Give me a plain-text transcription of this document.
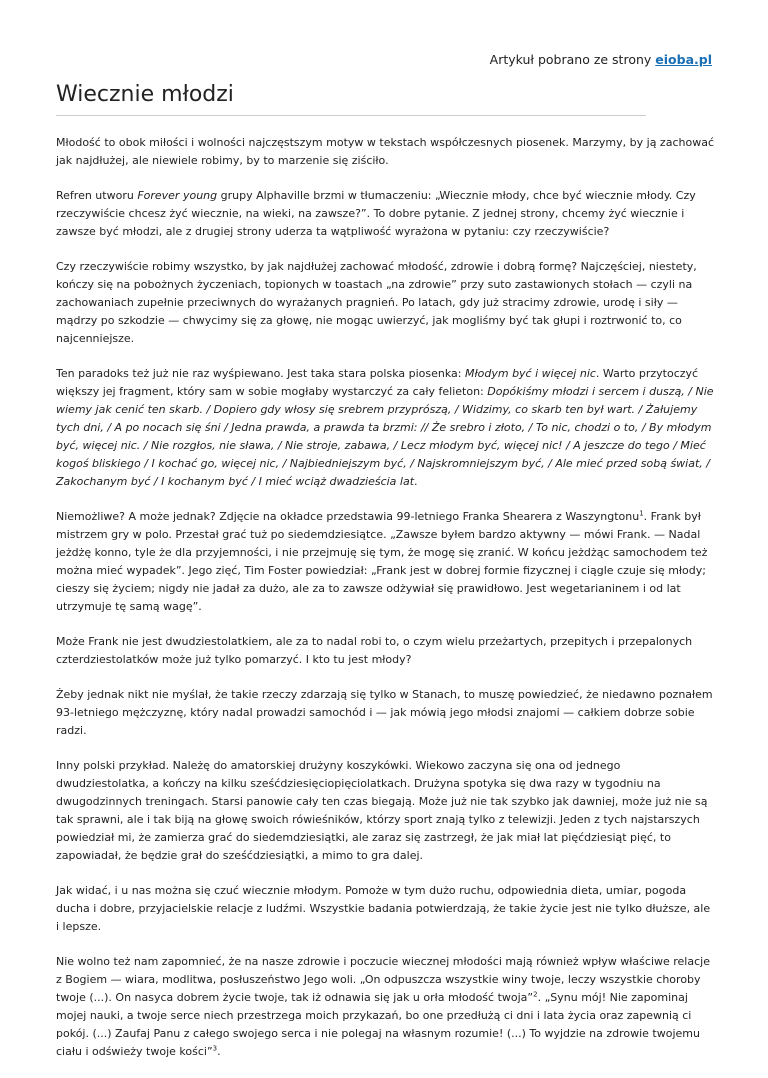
Artykuł pobrano ze strony eioba.pl
Wiecznie młodzi

Młodość to obok miłości i wolności najczęstszym motyw w tekstach współczesnych piosenek. Marzymy, by ją zachować jak najdłużej, ale niewiele robimy, by to marzenie się ziściło.

Refren utworu Forever young grupy Alphaville brzmi w tłumaczeniu: „Wiecznie młody, chce być wiecznie młody. Czy rzeczywiście chcesz żyć wiecznie, na wieki, na zawsze?”. To dobre pytanie. Z jednej strony, chcemy żyć wiecznie i zawsze być młodzi, ale z drugiej strony uderza ta wątpliwość wyrażona w pytaniu: czy rzeczywiście?

Czy rzeczywiście robimy wszystko, by jak najdłużej zachować młodość, zdrowie i dobrą formę? Najczęściej, niestety, kończy się na pobożnych życzeniach, topionych w toastach „na zdrowie” przy suto zastawionych stołach — czyli na zachowaniach zupełnie przeciwnych do wyrażanych pragnień. Po latach, gdy już stracimy zdrowie, urodę i siły — mądrzy po szkodzie — chwycimy się za głowę, nie mogąc uwierzyć, jak mogliśmy być tak głupi i roztrwonić to, co najcenniejsze.

Ten paradoks też już nie raz wyśpiewano. Jest taka stara polska piosenka: Młodym być i więcej nic. Warto przytoczyć większy jej fragment, który sam w sobie mogłaby wystarczyć za cały felieton: Dopókiśmy młodzi i sercem i duszą, / Nie wiemy jak cenić ten skarb. / Dopiero gdy włosy się srebrem przyprószą, / Widzimy, co skarb ten był wart. / Żałujemy tych dni, / A po nocach się śni / Jedna prawda, a prawda ta brzmi: // Że srebro i złoto, / To nic, chodzi o to, / By młodym być, więcej nic. / Nie rozgłos, nie sława, / Nie stroje, zabawa, / Lecz młodym być, więcej nic! / A jeszcze do tego / Mieć kogoś bliskiego / I kochać go, więcej nic, / Najbiedniejszym być, / Najskromniejszym być, / Ale mieć przed sobą świat, / Zakochanym być / I kochanym być / I mieć wciąż dwadzieścia lat.

Niemożliwe? A może jednak? Zdjęcie na okładce przedstawia 99-letniego Franka Shearera z Waszyngtonu$^1$. Frank był mistrzem gry w polo. Przestał grać tuż po siedemdziesiątce. „Zawsze byłem bardzo aktywny — mówi Frank. — Nadal jeżdżę konno, tyle że dla przyjemności, i nie przejmuję się tym, że mogę się zranić. W końcu jeżdżąc samochodem też można mieć wypadek”. Jego zięć, Tim Foster powiedział: „Frank jest w dobrej formie fizycznej i ciągle czuje się młody; cieszy się życiem; nigdy nie jadał za dużo, ale za to zawsze odżywiał się prawidłowo. Jest wegetarianinem i od lat utrzymuje tę samą wagę”.

Może Frank nie jest dwudziestolatkiem, ale za to nadal robi to, o czym wielu przeżartych, przepitych i przepalonych czterdziestolatków może już tylko pomarzyć. I kto tu jest młody?

Żeby jednak nikt nie myślał, że takie rzeczy zdarzają się tylko w Stanach, to muszę powiedzieć, że niedawno poznałem 93-letniego mężczyznę, który nadal prowadzi samochód i — jak mówią jego młodsi znajomi — całkiem dobrze sobie radzi.

Inny polski przykład. Należę do amatorskiej drużyny koszykówki. Wiekowo zaczyna się ona od jednego dwudziestolatka, a kończy na kilku sześćdziesięciopięciolatkach. Drużyna spotyka się dwa razy w tygodniu na dwugodzinnych treningach. Starsi panowie cały ten czas biegają. Może już nie tak szybko jak dawniej, może już nie są tak sprawni, ale i tak biją na głowę swoich rówieśników, którzy sport znają tylko z telewizji. Jeden z tych najstarszych powiedział mi, że zamierza grać do siedemdziesiątki, ale zaraz się zastrzegł, że jak miał lat pięćdziesiąt pięć, to zapowiadał, że będzie grał do sześćdziesiątki, a mimo to gra dalej.

Jak widać, i u nas można się czuć wiecznie młodym. Pomoże w tym dużo ruchu, odpowiednia dieta, umiar, pogoda ducha i dobre, przyjacielskie relacje z ludźmi. Wszystkie badania potwierdzają, że takie życie jest nie tylko dłuższe, ale i lepsze.

Nie wolno też nam zapomnieć, że na nasze zdrowie i poczucie wiecznej młodości mają również wpływ właściwe relacje z Bogiem — wiara, modlitwa, posłuszeństwo Jego woli. „On odpuszcza wszystkie winy twoje, leczy wszystkie choroby twoje (...). On nasyca dobrem życie twoje, tak iż odnawia się jak u orła młodość twoja”$^2$. „Synu mój! Nie zapominaj mojej nauki, a twoje serce niech przestrzega moich przykazań, bo one przedłużą ci dni i lata życia oraz zapewnią ci pokój. (...) Zaufaj Panu z całego swojego serca i nie polegaj na własnym rozumie! (...) To wyjdzie na zdrowie twojemu ciału i odświeży twoje kości”$^3$.
